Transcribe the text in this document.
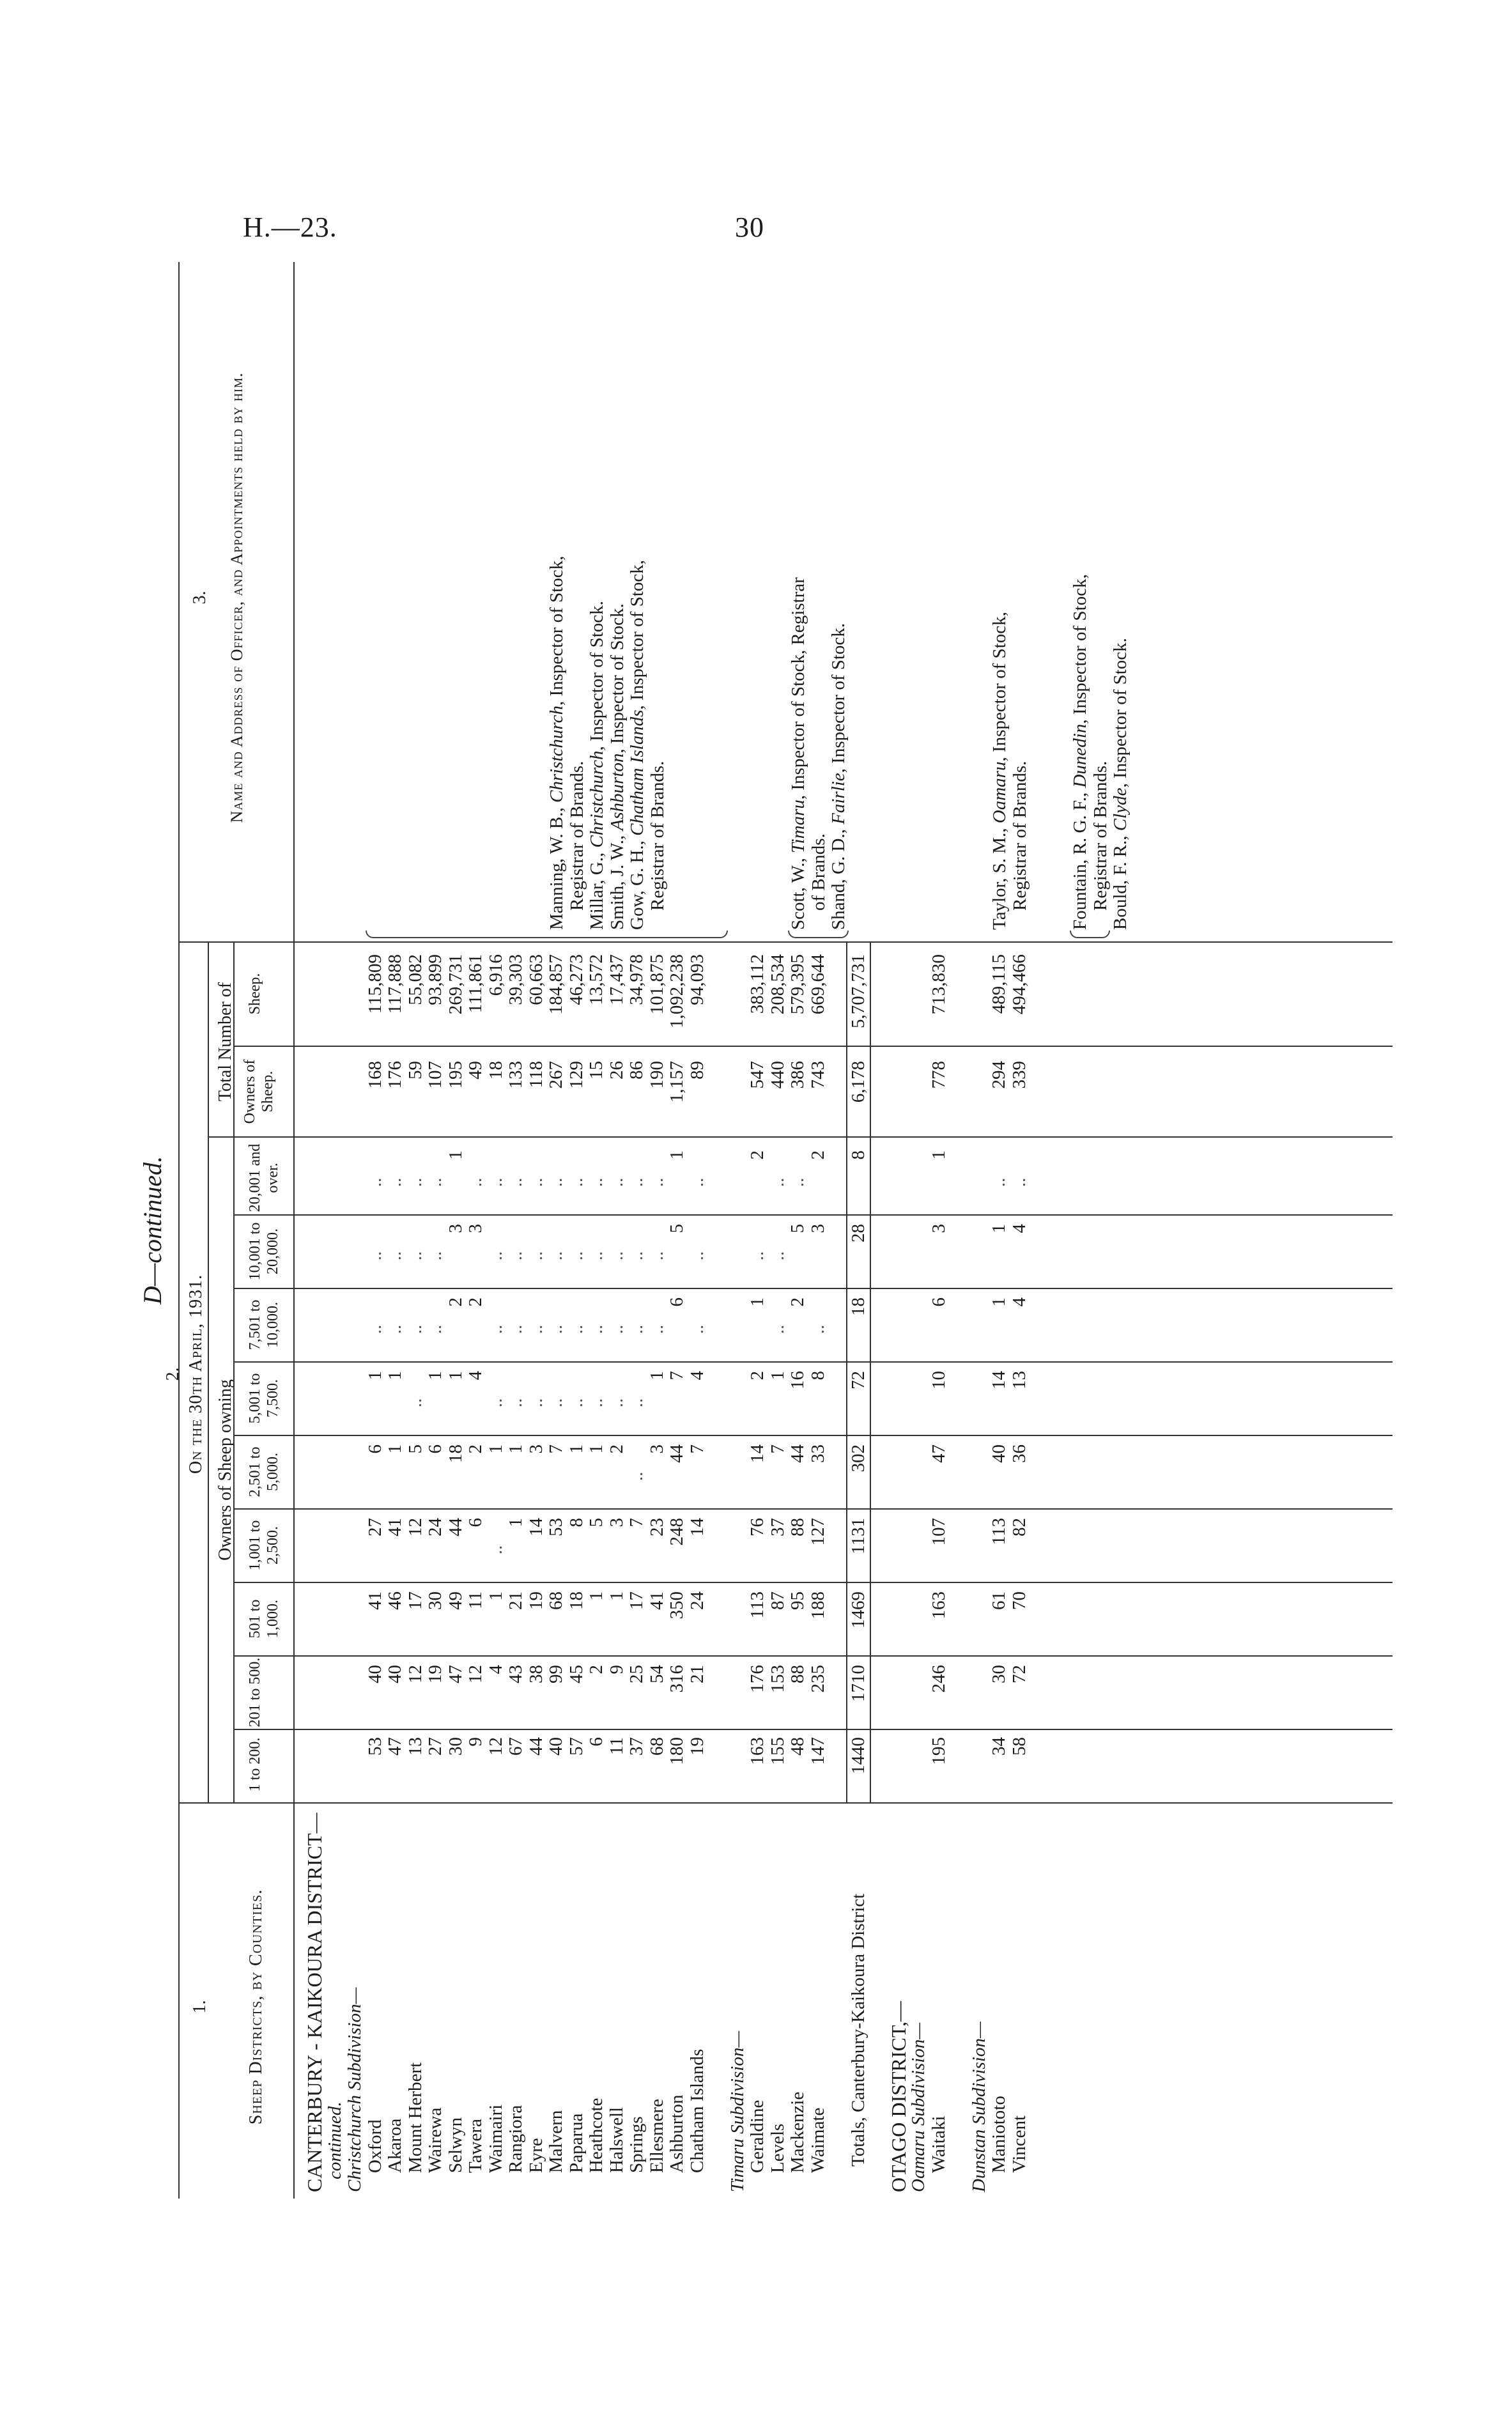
H.—23.	30
D—continued.
1. Sheep Districts, by Counties.
2. On the 30th April, 1931. Owners of Sheep owning
Total Number of
3. Name and Address of Officer, and Appointments held by him.
1 to 200.
201 to 500.
501 to 1,000.
1,001 to 2,500.
2,501 to 5,000.
5,001 to 7,500.
7,501 to 10,000.
10,001 to 20,000.
20,001 and over.
Owners of Sheep.
Sheep.
CANTERBURY - KAIKOURA DISTRICT—
continued. Christchurch Subdivision— Oxford
53
40
41
27
6
1
..
..
..
168
115,809
Akaroa
47
40
46
41
1
1
..
..
..
176
117,888
Mount Herbert
13
12
17
12
5
..
..
..
..
59
55,082
Wairewa
27
19
30
24
6
1
..
..
..
107
93,899
Selwyn
30
47
49
44
18
1
2
3
1
195
269,731
Tawera
9
12
11
6
2
4
2
3
..
49
111,861
Waimairi
12
4
1
..
1
..
..
..
..
18
6,916
Rangiora
67
43
21
1
1
..
..
..
..
133
39,303
Eyre
44
38
19
14
3
..
..
..
..
118
60,663
Malvern
40
99
68
53
7
..
..
..
..
267
184,857
Paparua
57
45
18
8
1
..
..
..
..
129
46,273
Heathcote
6
2
1
5
1
..
..
..
..
15
13,572
Halswell
11
9
1
3
2
..
..
..
..
26
17,437
Springs
37
25
17
7
..
..
..
..
..
86
34,978
Ellesmere
68
54
41
23
3
1
..
..
..
190
101,875
Ashburton
180
316
350
248
44
7
6
5
1
1,157
1,092,238
Chatham Islands
19
21
24
14
7
4
..
..
..
89
94,093
Timaru Subdivision— Geraldine
163
176
113
76
14
2
1
..
2
547
383,112
Levels
155
153
87
37
7
1
..
..
..
440
208,534
Mackenzie
48
88
95
88
44
16
2
5
..
386
579,395
Waimate
147
235
188
127
33
8
..
3
2
743
669,644
Totals, Canterbury-Kaikoura District
1440
1710
1469
1131
302
72
18
28
8
6,178
5,707,731
OTAGO DISTRICT,—
Oamaru Subdivision— Waitaki
195
246
163
107
47
10
6
3
1
778
713,830
Dunstan Subdivision— Maniototo
34
30
61
113
40
14
1
1
..
294
489,115
Vincent
58
72
70
82
36
13
4
4
..
339
494,466
Manning, W. B., Christchurch, Inspector of Stock,
Registrar of Brands. Millar, G., Christchurch, Inspector of Stock.
Smith, J. W., Ashburton, Inspector of Stock.
Gow, G. H., Chatham Islands, Inspector of Stock,
Registrar of Brands.	Scott, W., Timaru, Inspector of Stock, Registrar
of Brands. Shand, G. D., Fairlie, Inspector of Stock.
Taylor, S. M., Oamaru, Inspector of Stock,
Registrar of Brands. Fountain, R. G. F., Dunedin, Inspector of Stock,
Registrar of Brands. Bould, F. R., Clyde, Inspector of Stock.
